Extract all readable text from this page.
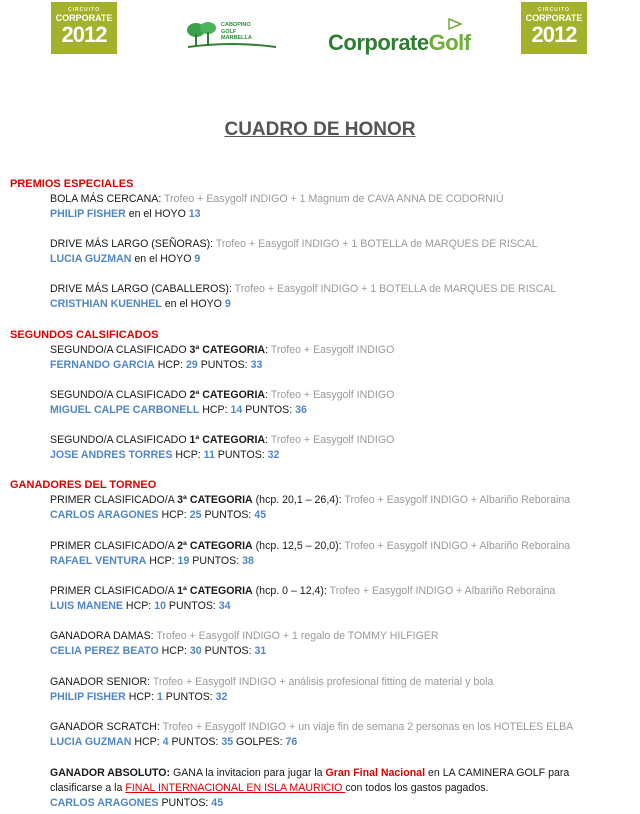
CIRCUITO
CORPORATE
2012	CABOPINO
GOLF
MARBELLA	CorporateGolf
CIRCUITO
CORPORATE
2012
CUADRO DE HONOR
PREMIOS ESPECIALES
BOLA MÁS CERCANA: Trofeo + Easygolf INDIGO + 1 Magnum de CAVA ANNA DE CODORNIÚ
PHILIP FISHER en el HOYO 13
DRIVE MÁS LARGO (SEÑORAS): Trofeo + Easygolf INDIGO + 1 BOTELLA de MARQUES DE RISCAL
LUCIA GUZMAN en el HOYO 9
DRIVE MÁS LARGO (CABALLEROS): Trofeo + Easygolf INDIGO + 1 BOTELLA de MARQUES DE RISCAL
CRISTHIAN KUENHEL en el HOYO 9
SEGUNDOS CALSIFICADOS
SEGUNDO/A CLASIFICADO 3ª CATEGORIA: Trofeo + Easygolf INDIGO
FERNANDO GARCIA HCP: 29 PUNTOS: 33
SEGUNDO/A CLASIFICADO 2ª CATEGORIA: Trofeo + Easygolf INDIGO
MIGUEL CALPE CARBONELL HCP: 14 PUNTOS: 36
SEGUNDO/A CLASIFICADO 1ª CATEGORIA: Trofeo + Easygolf INDIGO
JOSE ANDRES TORRES HCP: 11 PUNTOS: 32
GANADORES DEL TORNEO
PRIMER CLASIFICADO/A 3ª CATEGORIA (hcp. 20,1 – 26,4): Trofeo + Easygolf INDIGO + Albariño Reboraina
CARLOS ARAGONES HCP: 25 PUNTOS: 45
PRIMER CLASIFICADO/A 2ª CATEGORIA (hcp. 12,5 – 20,0): Trofeo + Easygolf INDIGO + Albariño Reboraina
RAFAEL VENTURA HCP: 19 PUNTOS: 38
PRIMER CLASIFICADO/A 1ª CATEGORIA (hcp. 0 – 12,4): Trofeo + Easygolf INDIGO + Albariño Reboraina
LUIS MANENE HCP: 10 PUNTOS: 34
GANADORA DAMAS: Trofeo + Easygolf INDIGO + 1 regalo de TOMMY HILFIGER
CELIA PEREZ BEATO HCP: 30 PUNTOS: 31
GANADOR SENIOR: Trofeo + Easygolf INDIGO + análisis profesional fitting de material y bola
PHILIP FISHER HCP: 1 PUNTOS: 32
GANADOR SCRATCH: Trofeo + Easygolf INDIGO + un viaje fin de semana 2 personas en los HOTELES ELBA
LUCIA GUZMAN HCP: 4 PUNTOS: 35 GOLPES: 76
GANADOR ABSOLUTO: GANA la invitacion para jugar la Gran Final Nacional en LA CAMINERA GOLF para
clasificarse a la FINAL INTERNACIONAL EN ISLA MAURICIO con todos los gastos pagados.
CARLOS ARAGONES PUNTOS: 45
